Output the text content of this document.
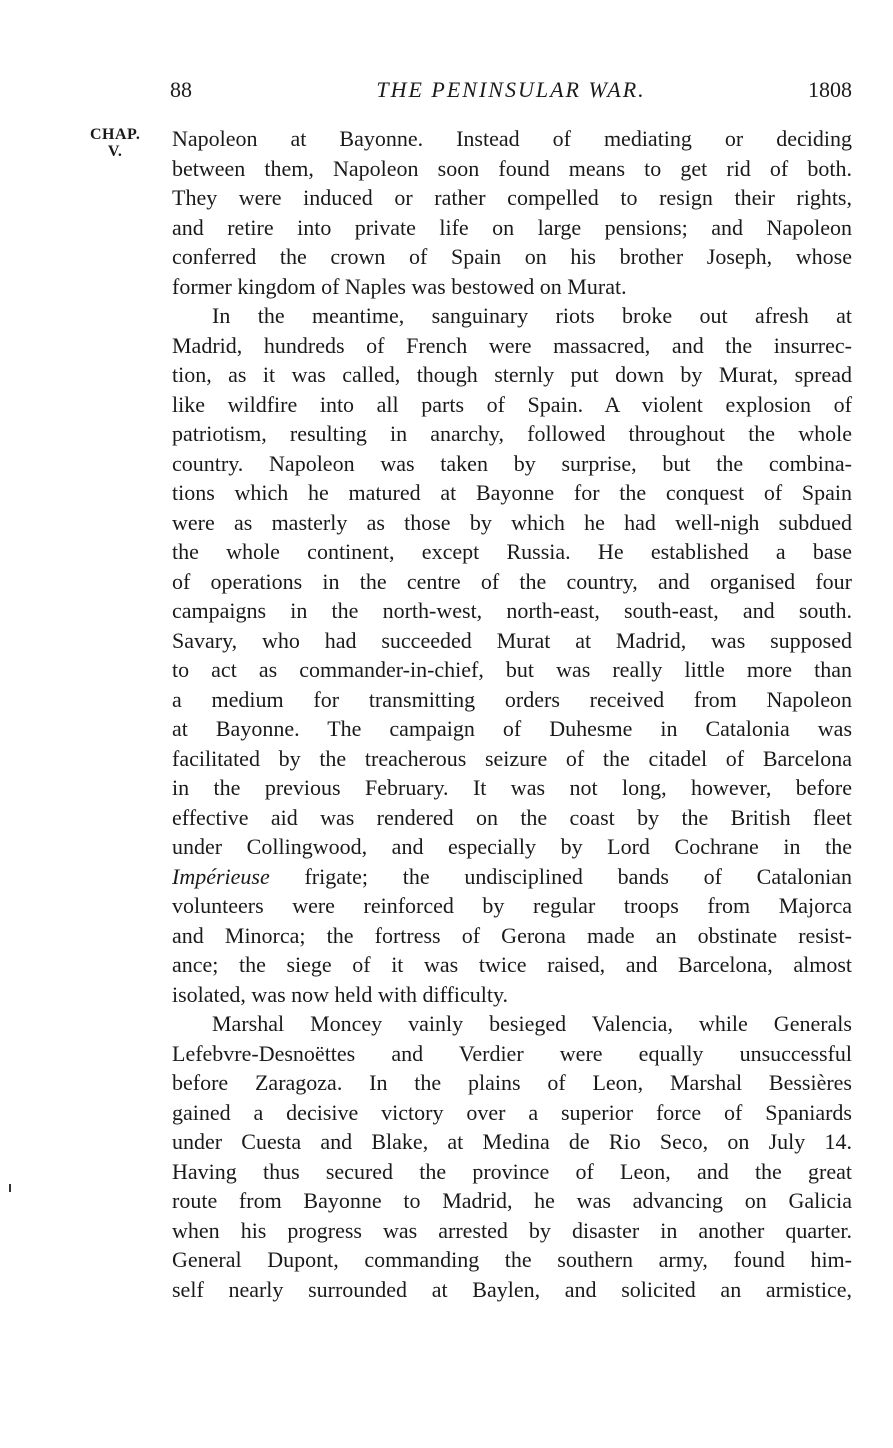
88	THE PENINSULAR WAR.	1808
CHAP.
V.
Napoleon at Bayonne. Instead of mediating or deciding
between them, Napoleon soon found means to get rid of both.
They were induced or rather compelled to resign their rights,
and retire into private life on large pensions; and Napoleon
conferred the crown of Spain on his brother Joseph, whose
former kingdom of Naples was bestowed on Murat.
In the meantime, sanguinary riots broke out afresh at
Madrid, hundreds of French were massacred, and the insurrec-
tion, as it was called, though sternly put down by Murat, spread
like wildfire into all parts of Spain. A violent explosion of
patriotism, resulting in anarchy, followed throughout the whole
country. Napoleon was taken by surprise, but the combina-
tions which he matured at Bayonne for the conquest of Spain
were as masterly as those by which he had well-nigh subdued
the whole continent, except Russia. He established a base
of operations in the centre of the country, and organised four
campaigns in the north-west, north-east, south-east, and south.
Savary, who had succeeded Murat at Madrid, was supposed
to act as commander-in-chief, but was really little more than
a medium for transmitting orders received from Napoleon
at Bayonne. The campaign of Duhesme in Catalonia was
facilitated by the treacherous seizure of the citadel of Barcelona
in the previous February. It was not long, however, before
effective aid was rendered on the coast by the British fleet
under Collingwood, and especially by Lord Cochrane in the
Impérieuse frigate; the undisciplined bands of Catalonian
volunteers were reinforced by regular troops from Majorca
and Minorca; the fortress of Gerona made an obstinate resist-
ance; the siege of it was twice raised, and Barcelona, almost
isolated, was now held with difficulty.
Marshal Moncey vainly besieged Valencia, while Generals
Lefebvre-Desnoëttes and Verdier were equally unsuccessful
before Zaragoza. In the plains of Leon, Marshal Bessières
gained a decisive victory over a superior force of Spaniards
under Cuesta and Blake, at Medina de Rio Seco, on July 14.
Having thus secured the province of Leon, and the great
route from Bayonne to Madrid, he was advancing on Galicia
when his progress was arrested by disaster in another quarter.
General Dupont, commanding the southern army, found him-
self nearly surrounded at Baylen, and solicited an armistice,
